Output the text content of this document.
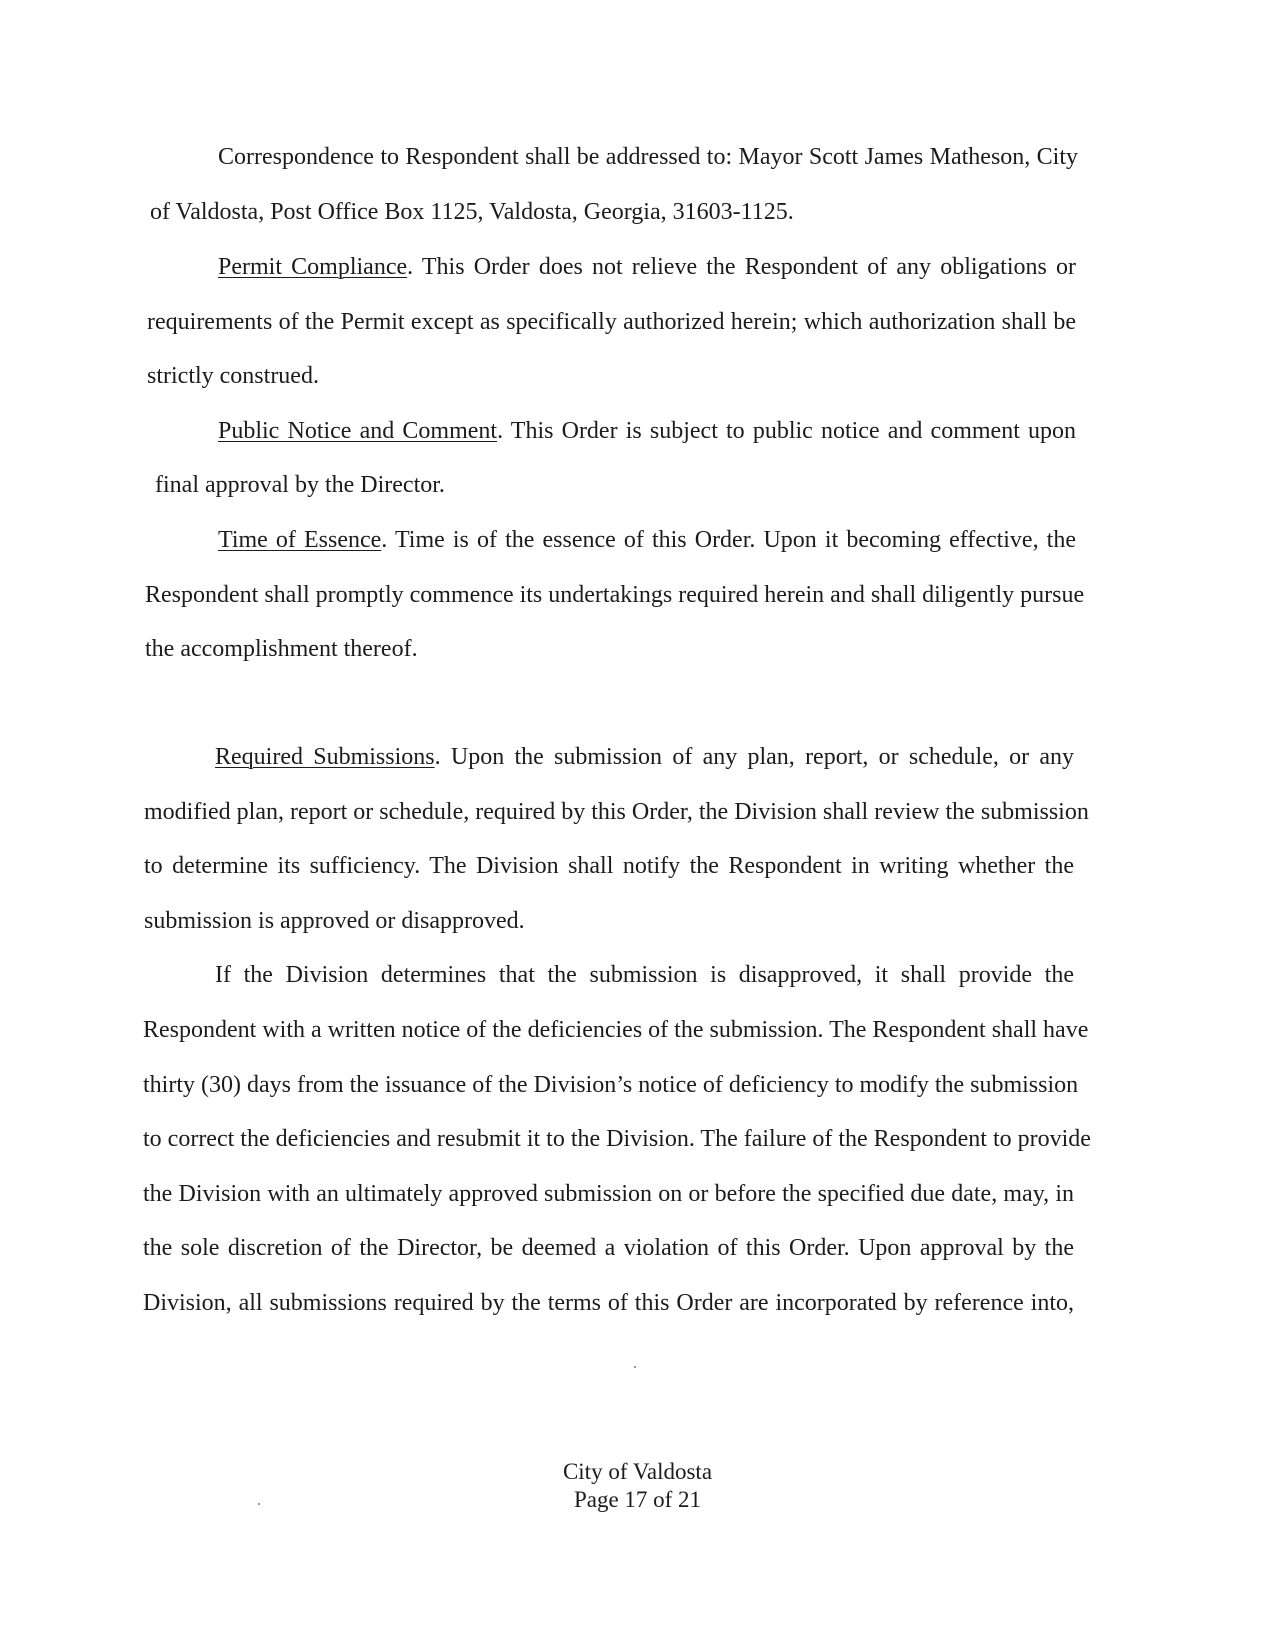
Correspondence to Respondent shall be addressed to: Mayor Scott James Matheson, City

of Valdosta, Post Office Box 1125, Valdosta, Georgia, 31603-1125.

Permit Compliance. This Order does not relieve the Respondent of any obligations or

requirements of the Permit except as specifically authorized herein; which authorization shall be

strictly construed.

Public Notice and Comment. This Order is subject to public notice and comment upon

final approval by the Director.

Time of Essence. Time is of the essence of this Order. Upon it becoming effective, the

Respondent shall promptly commence its undertakings required herein and shall diligently pursue

the accomplishment thereof.

Required Submissions. Upon the submission of any plan, report, or schedule, or any

modified plan, report or schedule, required by this Order, the Division shall review the submission

to determine its sufficiency. The Division shall notify the Respondent in writing whether the

submission is approved or disapproved.

If the Division determines that the submission is disapproved, it shall provide the

Respondent with a written notice of the deficiencies of the submission. The Respondent shall have

thirty (30) days from the issuance of the Division’s notice of deficiency to modify the submission

to correct the deficiencies and resubmit it to the Division. The failure of the Respondent to provide

the Division with an ultimately approved submission on or before the specified due date, may, in

the sole discretion of the Director, be deemed a violation of this Order. Upon approval by the

Division, all submissions required by the terms of this Order are incorporated by reference into,

City of Valdosta

Page 17 of 21
